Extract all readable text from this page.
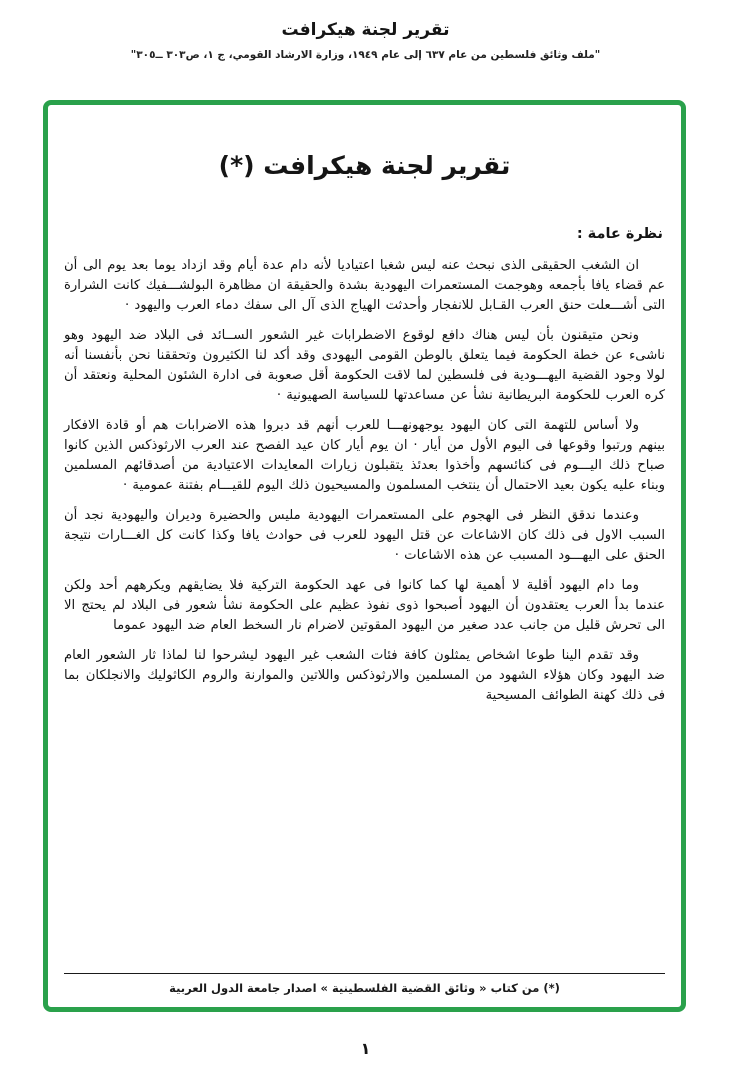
تقرير لجنة هيكرافت
"ملف وثائق فلسطين من عام ٦٣٧ إلى عام ١٩٤٩، وزارة الارشاد القومي، ج ١، ص٣٠٣ ــ٣٠٥"
تقرير لجنة هيكرافت (*)
نظرة عامة :

ان الشغب الحقيقى الذى نبحث عنه ليس شغبا اعتياديا لأنه دام عدة أيام وقد ازداد يوما بعد يوم الى أن عم قضاء يافا بأجمعه وهوجمت المستعمرات اليهودية بشدة والحقيقة ان مظاهرة البولشـــفيك كانت الشرارة التى أشـــعلت حنق العرب القـابل للانفجار وأحدثت الهياج الذى آل الى سفك دماء العرب واليهود ·

ونحن متيقنون بأن ليس هناك دافع لوقوع الاضطرابات غير الشعور الســائد فى البلاد ضد اليهود وهو ناشىء عن خطة الحكومة فيما يتعلق بالوطن القومى اليهودى وقد أكد لنا الكثيرون وتحققنا نحن بأنفسنا أنه لولا وجود القضية اليهـــودية فى فلسطين لما لاقت الحكومة أقل صعوبة فى ادارة الشئون المحلية ونعتقد أن كره العرب للحكومة البريطانية نشأ عن مساعدتها للسياسة الصهيونية ·

ولا أساس للتهمة التى كان اليهود يوجهونهـــا للعرب أنهم قد دبروا هذه الاضرابات هم أو قادة الافكار بينهم ورتبوا وقوعها فى اليوم الأول من أيار · ان يوم أيار كان عيد الفصح عند العرب الارثوذكس الذين كانوا صباح ذلك اليـــوم فى كنائسهم وأخذوا بعدئذ يتقبلون زيارات المعايدات الاعتيادية من أصدقائهم المسلمين وبناء عليه يكون بعيد الاحتمال أن ينتخب المسلمون والمسيحيون ذلك اليوم للقيـــام بفتنة عمومية ·

وعندما ندقق النظر فى الهجوم على المستعمرات اليهودية مليس والحضيرة وديران واليهودية نجد أن السبب الاول فى ذلك كان الاشاعات عن قتل اليهود للعرب فى حوادث يافا وكذا كانت كل الغـــارات نتيجة الحنق على اليهـــود المسبب عن هذه الاشاعات ·

وما دام اليهود أقلية لا أهمية لها كما كانوا فى عهد الحكومة التركية فلا يضايقهم ويكرههم أحد ولكن عندما بدأ العرب يعتقدون أن اليهود أصبحوا ذوى نفوذ عظيم على الحكومة نشأ شعور فى البلاد لم يحتج الا الى تحرش قليل من جانب عدد صغير من اليهود المقوتين لاضرام نار السخط العام ضد اليهود عموما

وقد تقدم الينا طوعا اشخاص يمثلون كافة فئات الشعب غير اليهود ليشرحوا لنا لماذا ثار الشعور العام ضد اليهود وكان هؤلاء الشهود من المسلمين والارثوذكس واللاتين والموارنة والروم الكاثوليك والانجلكان بما فى ذلك كهنة الطوائف المسيحية

(*) من كتاب « وثائق القضية الفلسطينية » اصدار جامعة الدول العربية
١
